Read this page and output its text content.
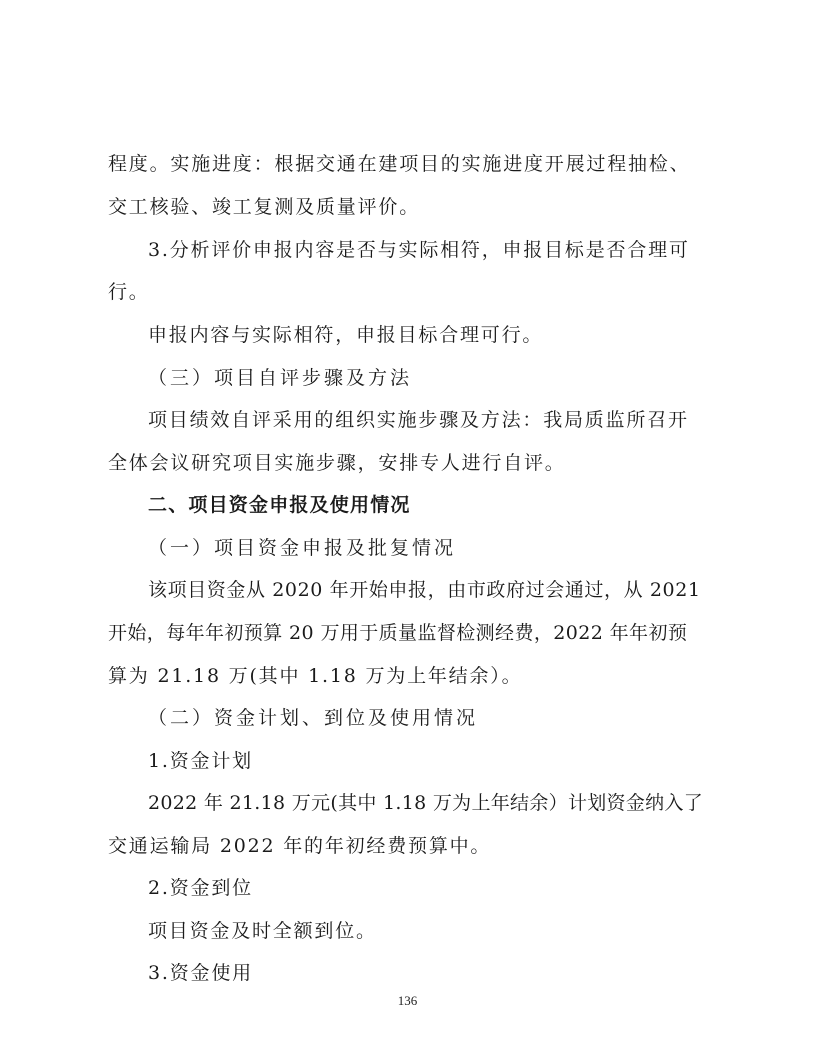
程度。实施进度：根据交通在建项目的实施进度开展过程抽检、
交工核验、竣工复测及质量评价。
3.分析评价申报内容是否与实际相符，申报目标是否合理可
行。
申报内容与实际相符，申报目标合理可行。
（三）项目自评步骤及方法
项目绩效自评采用的组织实施步骤及方法：我局质监所召开
全体会议研究项目实施步骤，安排专人进行自评。
二、项目资金申报及使用情况
（一）项目资金申报及批复情况
该项目资金从 2020 年开始申报，由市政府过会通过，从 2021
开始，每年年初预算 20 万用于质量监督检测经费，2022 年年初预
算为 21.18 万(其中 1.18 万为上年结余）。
（二）资金计划、到位及使用情况
1.资金计划
2022 年 21.18 万元(其中 1.18 万为上年结余）计划资金纳入了
交通运输局 2022 年的年初经费预算中。
2.资金到位
项目资金及时全额到位。
3.资金使用
136
